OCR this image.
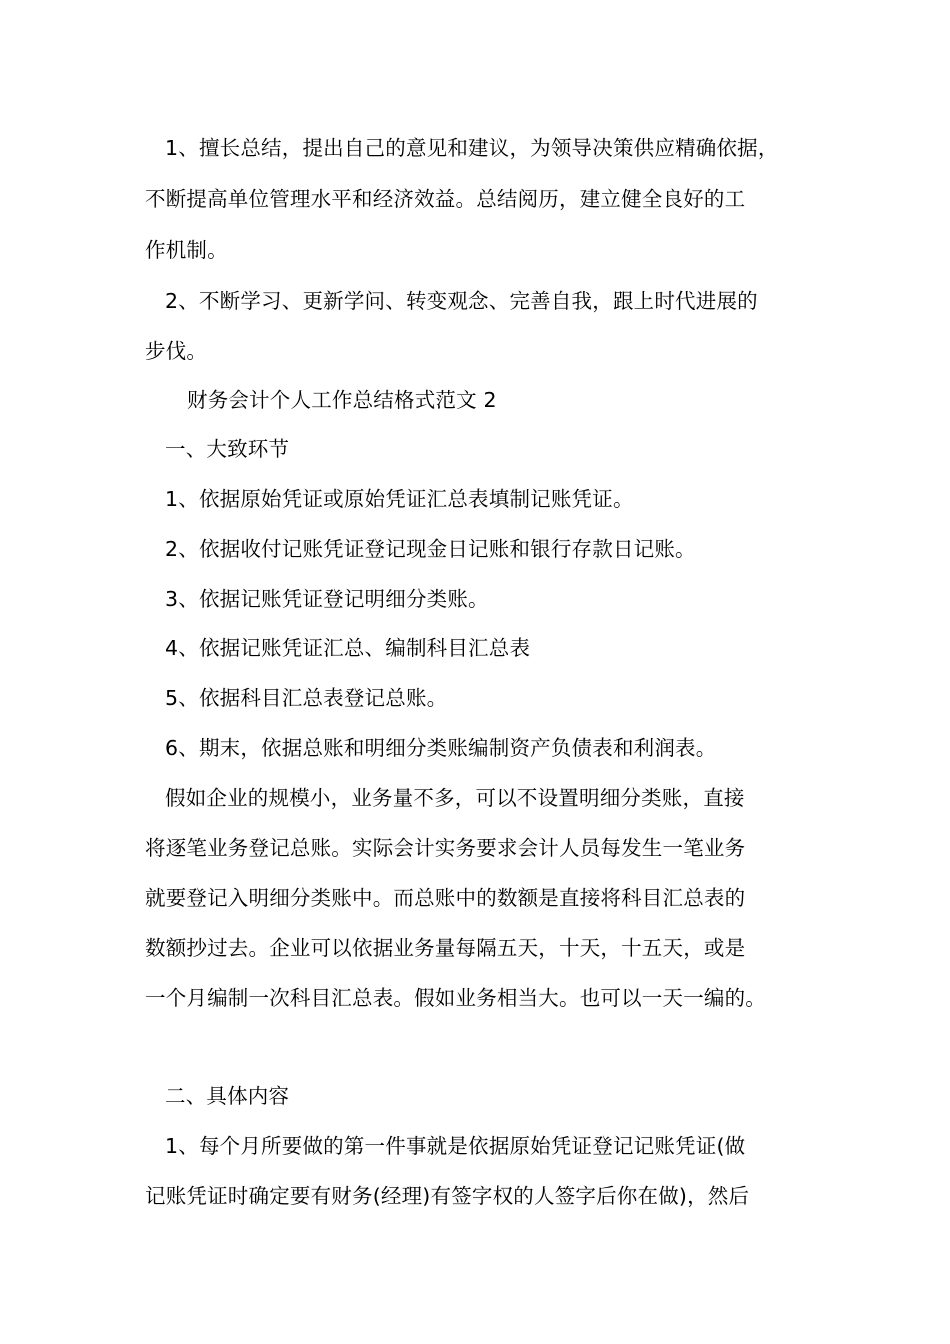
1、擅长总结，提出自己的意见和建议，为领导决策供应精确依据，
不断提高单位管理水平和经济效益。总结阅历，建立健全良好的工
作机制。
2、不断学习、更新学问、转变观念、完善自我，跟上时代进展的
步伐。
财务会计个人工作总结格式范文 2
一、大致环节
1、依据原始凭证或原始凭证汇总表填制记账凭证。
2、依据收付记账凭证登记现金日记账和银行存款日记账。
3、依据记账凭证登记明细分类账。
4、依据记账凭证汇总、编制科目汇总表
5、依据科目汇总表登记总账。
6、期末，依据总账和明细分类账编制资产负债表和利润表。
假如企业的规模小，业务量不多，可以不设置明细分类账，直接
将逐笔业务登记总账。实际会计实务要求会计人员每发生一笔业务
就要登记入明细分类账中。而总账中的数额是直接将科目汇总表的
数额抄过去。企业可以依据业务量每隔五天，十天，十五天，或是
一个月编制一次科目汇总表。假如业务相当大。也可以一天一编的。
二、具体内容
1、每个月所要做的第一件事就是依据原始凭证登记记账凭证(做
记账凭证时确定要有财务(经理)有签字权的人签字后你在做)，然后
